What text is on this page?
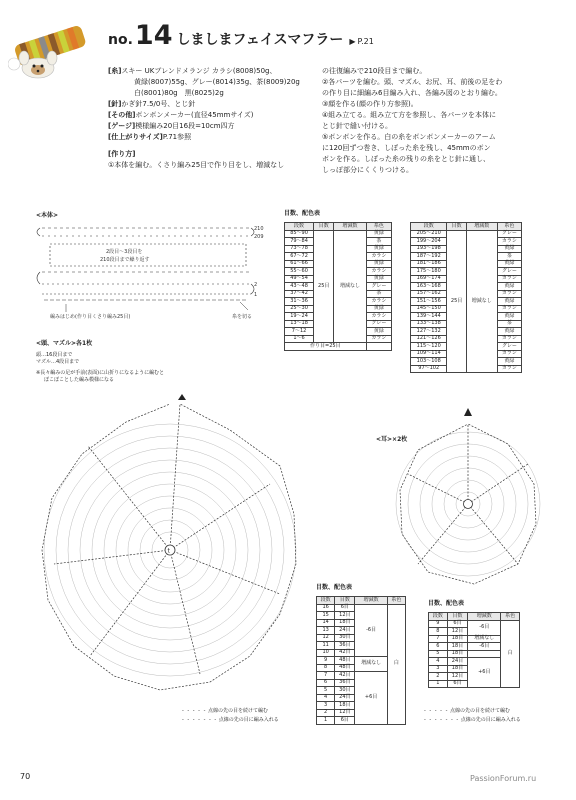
no. 14 しましまフェイスマフラー ▶ P.21
[糸]スキー UKブレンドメランジ カラシ(8008)50g、
黄緑(8007)55g、グレー(8014)35g、茶(8009)20g
白(8001)80g　黒(8025)2g
[針]かぎ針7.5/0号、とじ針
[その他]ボンボンメーカー(直径45mmサイズ)
[ゲージ]模様編み20目16段=10cm四方
[仕上がりサイズ]P.71参照
[作り方]
①本体を編む。くさり編み25目で作り目をし、増減なし
の往復編みで210段目まで編む。
②各パーツを編む。頭、マズル、お尻、耳、前後の足をわ
の作り目に細編み6目編み入れ、各編み図のとおり編む。
③顔を作る(顔の作り方参照)。
④組み立てる。組み立て方を参照し、各パーツを本体に
とじ針で縫い付ける。
⑤ボンボンを作る。白の糸をボンボンメーカーのアーム
に120回ずつ巻き、しぼった糸を残し、45mmのボン
ボンを作る。しぼった糸の残りの糸をとじ針に通し、
しっぽ部分にくくりつける。
<本体>
210
209
2
1
2段目〜3段目を
210段目まで繰り返す
編みはじめ(作り目くさり編み25目)	糸を切る
目数、配色表
段数	目数	増減数	糸色
85〜90	25目	増減なし	黄緑
79〜84			茶
73〜78			黄緑
67〜72			カラシ
61〜66			黄緑
55〜60			カラシ
49〜54			黄緑
43〜48			グレー
37〜42			茶
31〜36			カラシ
25〜30			黄緑
19〜24			カラシ
13〜18			グレー
7〜12			黄緑
1〜6			カラシ
作り目=25目			
段数	目数	増減数	糸色
205〜210	25目	増減なし	グレー
199〜204			カラシ
193〜198			黄緑
187〜192			茶
181〜186			黄緑
175〜180			グレー
169〜174			カラシ
163〜168			黄緑
157〜162			カラシ
151〜156			黄緑
145〜150			カラシ
139〜144			黄緑
133〜138			茶
127〜132			黄緑
121〜126			カラシ
115〜120			グレー
109〜114			カラシ
103〜108			黄緑
97〜102			カラシ
<頭、マズル>各1枚
頭…16段目まで
マズル…4段目まで
※長々編みの足が手前(表面)に山折りになるように編むと
ぼこぼことした編み模様になる
t
<耳>×2枚
目数、配色表
段数	目数	増減数	糸色
16	6目	-6目	白
15	12目		
14	18目		
13	24目		
12	30目		
11	36目		
10	42目		
9	48目	増減なし	
8	48目		
7	42目	+6目	
6	36目		
5	30目		
4	24目		
3	18目		
2	12目		
1	6目		
目数、配色表
段数	目数	増減数	糸色
9	6目	-6目	白
8	12目		
7	18目	増減なし	
6	18目	-6目	
5	18目		
4	24目	+6目	
3	18目		
2	12目		
1	6目		
- - - - - 点線の先の目を続けて編む
- - - - - - - 点線の先の目に編み入れる
- - - - - 点線の先の目を続けて編む
- - - - - - - 点線の先の目に編み入れる
70	PassionForum.ru
